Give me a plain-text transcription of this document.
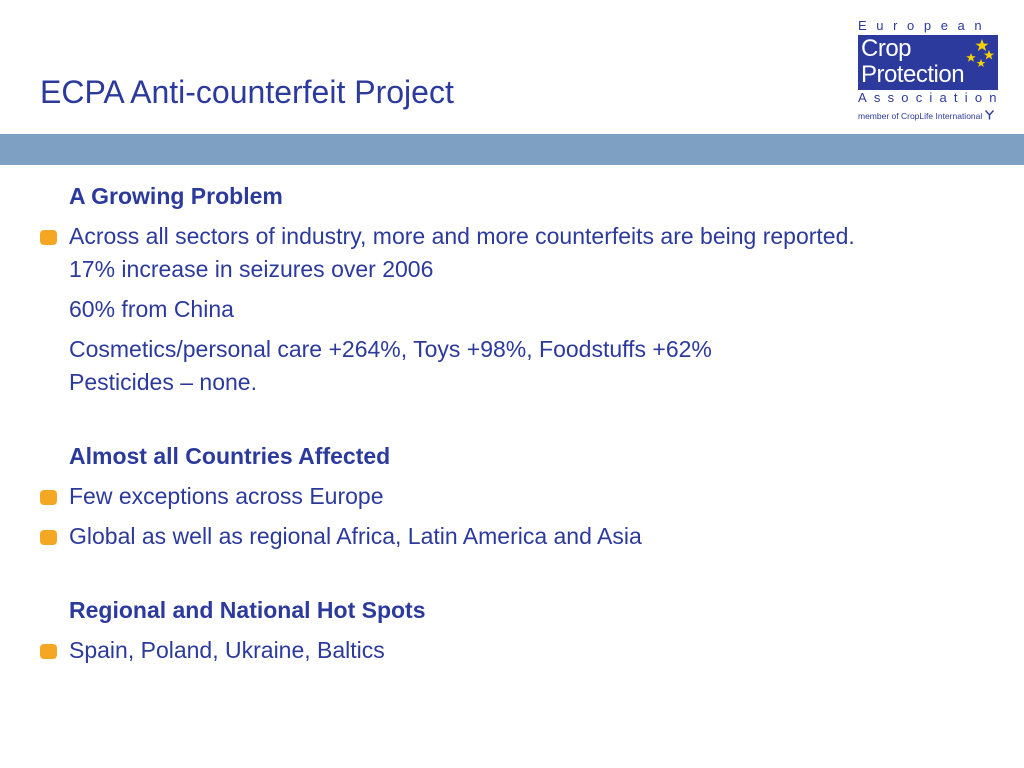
ECPA Anti-counterfeit Project
European
Crop
Protection
Association
member of CropLife International
A Growing Problem
Across all sectors of industry, more and more counterfeits are being reported.
17% increase in seizures over 2006
60% from China
Cosmetics/personal care +264%, Toys +98%, Foodstuffs +62%
Pesticides – none.
Almost all Countries Affected
Few exceptions across Europe
Global as well as regional Africa, Latin America and Asia
Regional and National Hot Spots
Spain, Poland, Ukraine, Baltics
